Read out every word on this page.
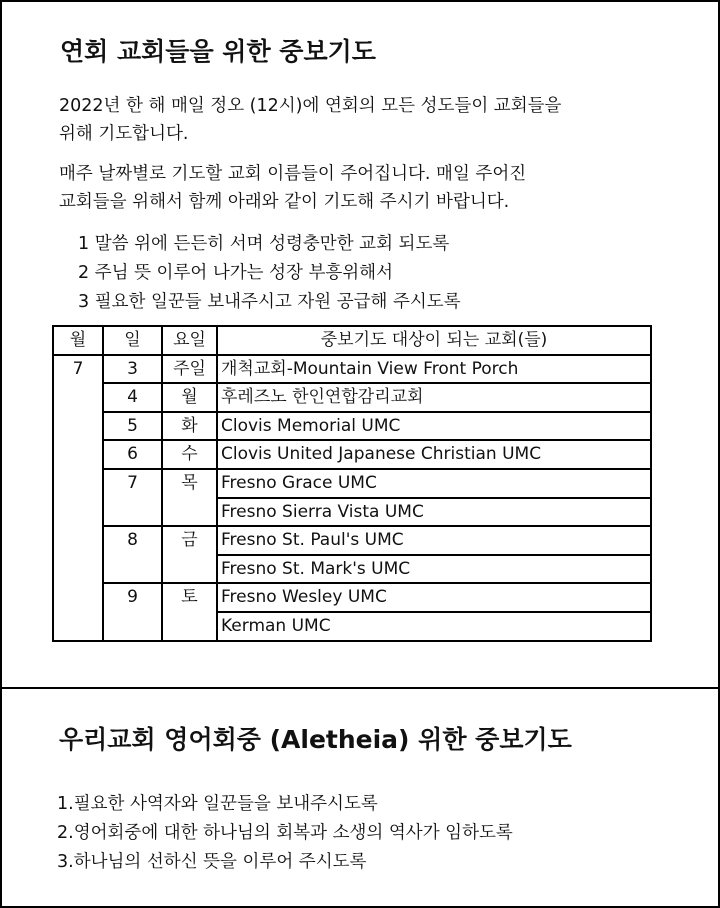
연회 교회들을 위한 중보기도
2022년 한 해 매일 정오 (12시)에 연회의 모든 성도들이 교회들을
위해 기도합니다.
매주 날짜별로 기도할 교회 이름들이 주어집니다. 매일 주어진
교회들을 위해서 함께 아래와 같이 기도해 주시기 바랍니다.
1 말씀 위에 든든히 서며 성령충만한 교회 되도록
2 주님 뜻 이루어 나가는 성장 부흥위해서
3 필요한 일꾼들 보내주시고 자원 공급해 주시도록
월	일	요일	중보기도 대상이 되는 교회(들)
7	3	주일	개척교회-Mountain View Front Porch
	4	월	후레즈노 한인연합감리교회
	5	화	Clovis Memorial UMC
	6	수	Clovis United Japanese Christian UMC
	7	목	Fresno Grace UMC
			Fresno Sierra Vista UMC
	8	금	Fresno St. Paul's UMC
			Fresno St. Mark's UMC
	9	토	Fresno Wesley UMC
			Kerman UMC
우리교회 영어회중 (Aletheia) 위한 중보기도
1.필요한 사역자와 일꾼들을 보내주시도록
2.영어회중에 대한 하나님의 회복과 소생의 역사가 임하도록
3.하나님의 선하신 뜻을 이루어 주시도록
